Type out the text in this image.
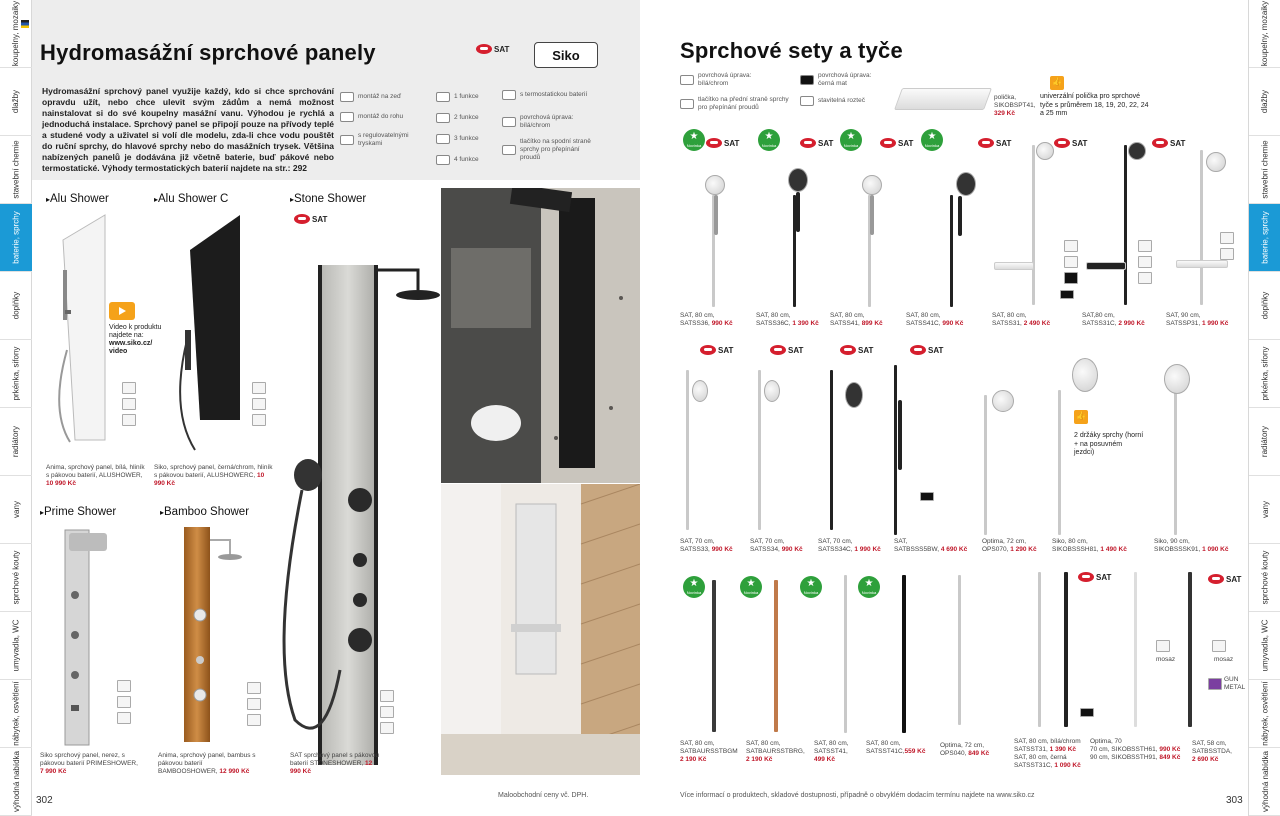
koupelny, mozaiky
dlažby
stavební chemie
baterie, sprchy
doplňky
prkénka, sifony
radiátory
vany
sprchové kouty
umyvadla, WC
nábytek, osvětlení
výhodná nabídka
Hydromasážní sprchové panely	SAT	Siko
Hydromasážní sprchový panel využije každý, kdo si chce sprchování opravdu užít, nebo chce ulevit svým zádům a nemá možnost nainstalovat si do své koupelny masážní vanu. Výhodou je rychlá a jednoduchá instalace. Sprchový panel se připojí pouze na přívody teplé a studené vody a uživatel si volí dle modelu, zda-li chce vodu pouštět do ruční sprchy, do hlavové sprchy nebo do masážních trysek. Většina nabízených panelů je dodávána již včetně baterie, buď pákové nebo termostatické. Výhody termostatických baterií najdete na str.: 292
montáž na zeď
montáž do rohu
s regulovatelnými tryskami
1 funkce
2 funkce
3 funkce
4 funkce
s termostatickou baterií
povrchová úprava: bílá/chrom
tlačítko na spodní straně sprchy pro přepínání proudů
▸ Alu Shower
Video k produktu
najdete na:
www.siko.cz/
video
Anima, sprchový panel, bílá, hliník s pákovou baterií, ALUSHOWER, 10 990 Kč
▸ Alu Shower C
Siko, sprchový panel, černá/chrom, hliník s pákovou baterií, ALUSHOWERC, 10 990 Kč
▸ Stone Shower
SAT
SAT sprchový panel s pákovou baterií STONESHOWER, 12 990 Kč
▸ Prime Shower
Siko sprchový panel, nerez, s pákovou baterií PRIMESHOWER, 7 990 Kč
▸ Bamboo Shower
Anima, sprchový panel, bambus s pákovou baterií BAMBOOSHOWER, 12 990 Kč
302	Maloobchodní ceny vč. DPH.
Sprchové sety a tyče
povrchová úprava: bílá/chrom
povrchová úprava: černá mat
tlačítko na přední straně sprchy pro přepínání proudů
stavitelná rozteč	polička,
SIKOBSPT41,
329 Kč
👍
univerzální polička pro sprchové tyče s průměrem 18, 19, 20, 22, 24 a 25 mm
★ Novinka	SAT	★ Novinka	SAT	★ Novinka	SAT	★ Novinka	SAT	SAT	SAT
SAT, 80 cm,
SATSS36, 990 Kč
SAT, 80 cm,
SATSS36C, 1 390 Kč
SAT, 80 cm,
SATSS41, 899 Kč
SAT, 80 cm,
SATSS41C, 990 Kč
SAT, 80 cm,
SATSS31, 2 490 Kč
SAT,80 cm,
SATSS31C, 2 990 Kč
SAT, 90 cm,
SATSSP31, 1 990 Kč
SAT	SAT	SAT	SAT
👍
2 držáky sprchy (horní + na posuvném jezdci)
SAT, 70 cm,
SATSS33, 990 Kč
SAT, 70 cm,
SATSS34, 990 Kč
SAT, 70 cm,
SATSS34C, 1 990 Kč
SAT,
SATBSSS5BW, 4 690 Kč
Optima, 72 cm,
OPS070, 1 290 Kč
Siko, 80 cm,
SIKOBSSSH81, 1 490 Kč
Siko, 90 cm,
SIKOBSSSK91, 1 090 Kč
★ Novinka	★ Novinka	★ Novinka	★ Novinka
SAT	SAT
mosaz	mosaz
GUN METAL
SAT, 80 cm,
SATBAURSSTBGM
2 190 Kč
SAT, 80 cm,
SATBAURSSTBRG,
2 190 Kč
SAT, 80 cm,
SATSST41,
499 Kč
SAT, 80 cm,
SATSST41C,559 Kč
Optima, 72 cm,
OPS040, 849 Kč
SAT, 80 cm, bílá/chrom
SATSST31, 1 390 Kč
SAT, 80 cm, černá
SATSST31C, 1 090 Kč
Optima, 70
70 cm, SIKOBSSTH61, 990 Kč
90 cm, SIKOBSSTH91, 849 Kč
SAT, 58 cm,
SATBSSTDA,
2 690 Kč
Více informací o produktech, skladové dostupnosti, případně o obvyklém dodacím termínu najdete na www.siko.cz	303
koupelny, mozaiky
dlažby
stavební chemie
baterie, sprchy
doplňky
prkénka, sifony
radiátory
vany
sprchové kouty
umyvadla, WC
nábytek, osvětlení
výhodná nabídka
